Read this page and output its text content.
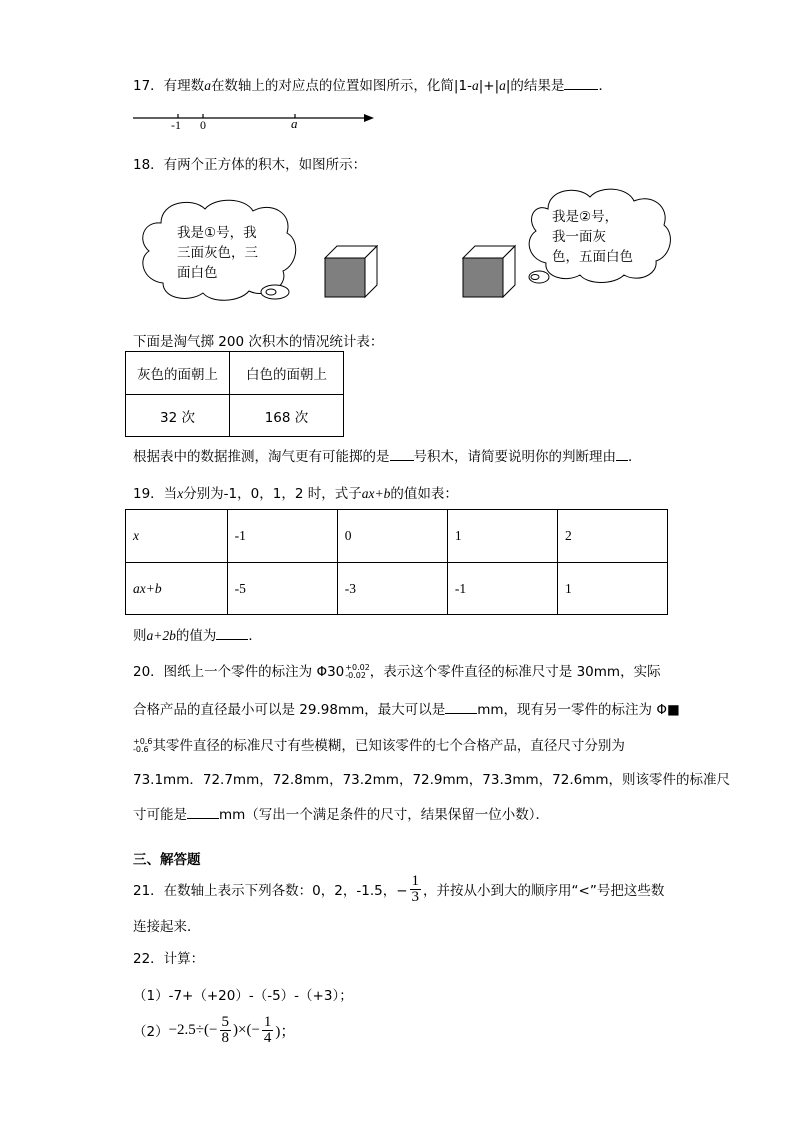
17．有理数a在数轴上的对应点的位置如图所示，化简|1-a|+|a|的结果是	．
-1 0	a
18．有两个正方体的积木，如图所示：
我是①号，我
三面灰色，三
面白色
我是②号，
我一面灰
色，五面白色
下面是淘气掷 200 次积木的情况统计表：
灰色的面朝上	白色的面朝上
32 次	168 次
根据表中的数据推测，淘气更有可能掷的是 号积木，请简要说明你的判断理由 ．
19．当x分别为-1，0，1，2 时，式子ax+b的值如表：
x	-1	0	1	2
ax+b	-5	-3	-1	1
则a+2b的值为 ．
20．图纸上一个零件的标注为 Φ30 +0.02
-0.02 ，表示这个零件直径的标准尺寸是 30mm，实际
合格产品的直径最小可以是 29.98mm，最大可以是 mm，现有另一零件的标注为 Φ■
+0.6
-0.6 其零件直径的标准尺寸有些模糊，已知该零件的七个合格产品，直径尺寸分别为
73.1mm．72.7mm，72.8mm，73.2mm，72.9mm，73.3mm，72.6mm，则该零件的标准尺
寸可能是 mm（写出一个满足条件的尺寸，结果保留一位小数）．
三、解答题
21．在数轴上表示下列各数：0，2，-1.5，− $\frac{1}{3}$ ，并按从小到大的顺序用“<”号把这些数
连接起来．
22．计算：
（1）-7+（+20）-（-5）-（+3）；
$(2) -2.5\div(- \frac{5}{8}$ )×(− $\frac{1}{4}$ )；
